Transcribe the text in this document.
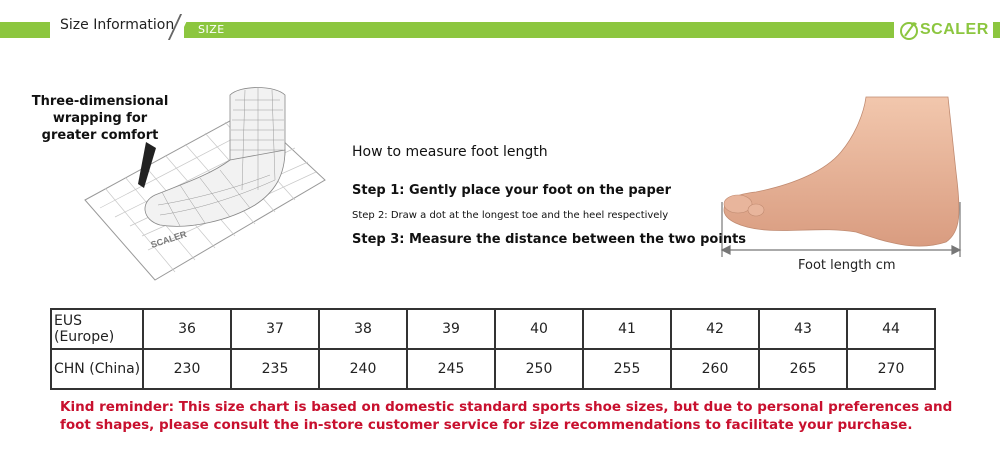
Size Information	SIZE	SCALER
Three-dimensional wrapping for greater comfort
SCALER
How to measure foot length
Step 1: Gently place your foot on the paper
Step 2: Draw a dot at the longest toe and the heel respectively
Step 3: Measure the distance between the two points
Foot length cm
EUS (Europe)	36	37	38	39	40	41	42	43	44
CHN (China)	230	235	240	245	250	255	260	265	270
Kind reminder: This size chart is based on domestic standard sports shoe sizes, but due to personal preferences and foot shapes, please consult the in-store customer service for size recommendations to facilitate your purchase.
